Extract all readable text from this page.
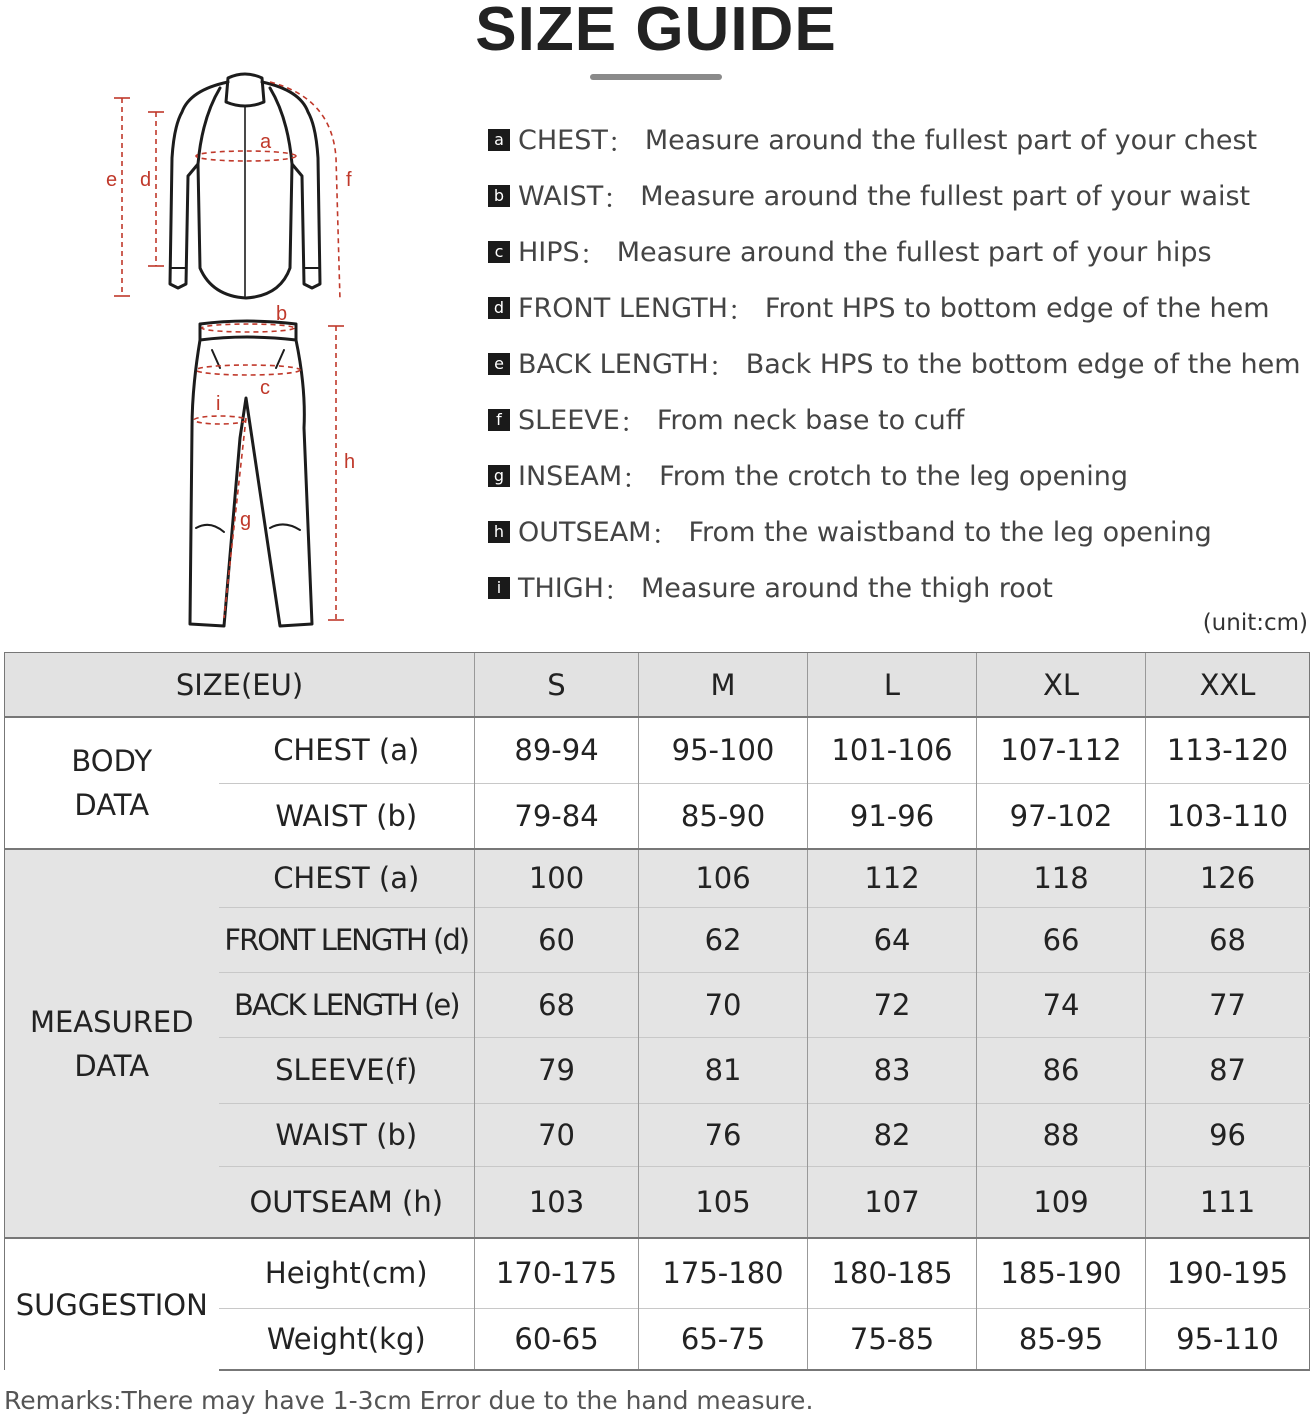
SIZE GUIDE
a
b
c
d
e	f
g
h
i
a CHEST ： Measure around the fullest part of your chest
b WAIST ： Measure around the fullest part of your waist
c HIPS ： Measure around the fullest part of your hips
d FRONT LENGTH ： Front HPS to bottom edge of the hem
e BACK LENGTH ： Back HPS to the bottom edge of the hem
f SLEEVE ： From neck base to cuff
g INSEAM ： From the crotch to the leg opening
h OUTSEAM ： From the waistband to the leg opening
i THIGH ： Measure around the thigh root
(unit:cm)
SIZE(EU)		S	M	L	XL	XXL
BODY
DATA	CHEST (a)	89-94	95-100	101-106	107-112	113-120
	WAIST (b)	79-84	85-90	91-96	97-102	103-110
MEASURED
DATA	CHEST (a)	100	106	112	118	126
	FRONT LENGTH (d)	60	62	64	66	68
	BACK LENGTH (e)	68	70	72	74	77
	SLEEVE(f)	79	81	83	86	87
	WAIST (b)	70	76	82	88	96
	OUTSEAM (h)	103	105	107	109	111
SUGGESTION	Height(cm)	170-175	175-180	180-185	185-190	190-195
	Weight(kg)	60-65	65-75	75-85	85-95	95-110
Remarks:There may have 1-3cm Error due to the hand measure.
